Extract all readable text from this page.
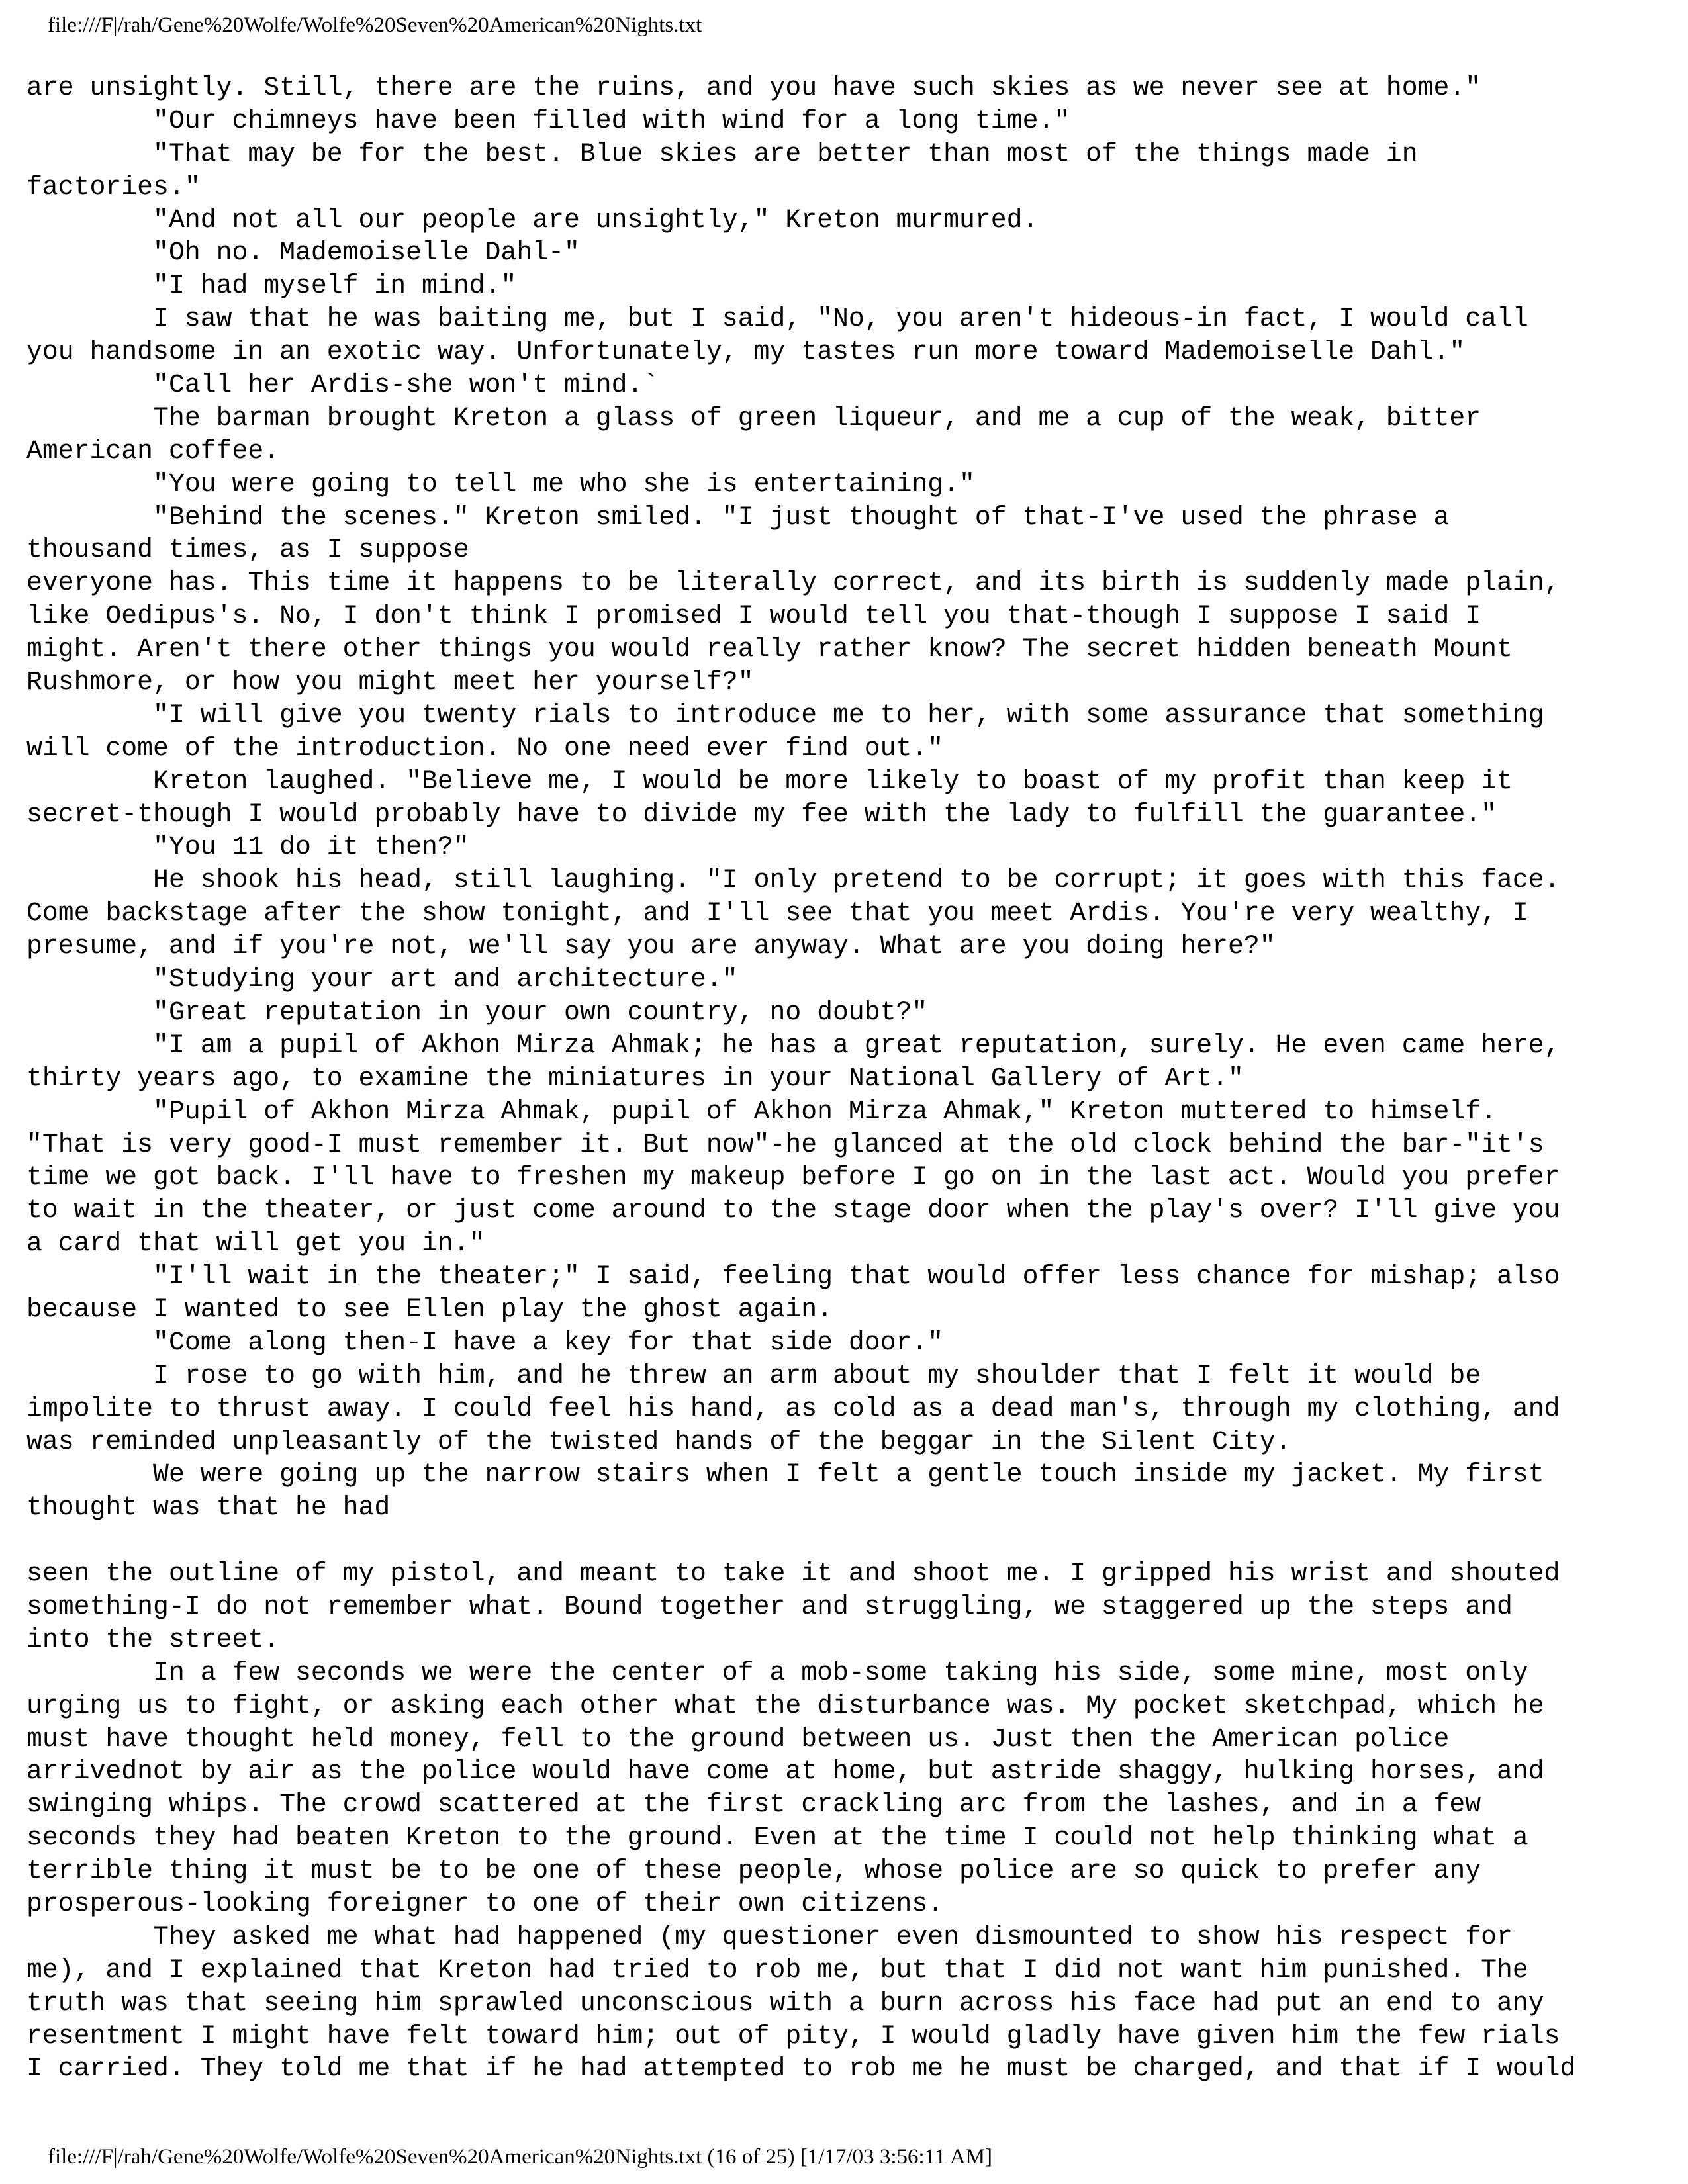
file:///F|/rah/Gene%20Wolfe/Wolfe%20Seven%20American%20Nights.txt
are unsightly. Still, there are the ruins, and you have such skies as we never see at home."
"Our chimneys have been filled with wind for a long time."
"That may be for the best. Blue skies are better than most of the things made in
factories."
"And not all our people are unsightly," Kreton murmured.
"Oh no. Mademoiselle Dahl-"
"I had myself in mind."
I saw that he was baiting me, but I said, "No, you aren't hideous-in fact, I would call
you handsome in an exotic way. Unfortunately, my tastes run more toward Mademoiselle Dahl."
"Call her Ardis-she won't mind.`
The barman brought Kreton a glass of green liqueur, and me a cup of the weak, bitter
American coffee.
"You were going to tell me who she is entertaining."
"Behind the scenes." Kreton smiled. "I just thought of that-I've used the phrase a
thousand times, as I suppose
everyone has. This time it happens to be literally correct, and its birth is suddenly made plain,
like Oedipus's. No, I don't think I promised I would tell you that-though I suppose I said I
might. Aren't there other things you would really rather know? The secret hidden beneath Mount
Rushmore, or how you might meet her yourself?"
"I will give you twenty rials to introduce me to her, with some assurance that something
will come of the introduction. No one need ever find out."
Kreton laughed. "Believe me, I would be more likely to boast of my profit than keep it
secret-though I would probably have to divide my fee with the lady to fulfill the guarantee."
"You 11 do it then?"
He shook his head, still laughing. "I only pretend to be corrupt; it goes with this face.
Come backstage after the show tonight, and I'll see that you meet Ardis. You're very wealthy, I
presume, and if you're not, we'll say you are anyway. What are you doing here?"
"Studying your art and architecture."
"Great reputation in your own country, no doubt?"
"I am a pupil of Akhon Mirza Ahmak; he has a great reputation, surely. He even came here,
thirty years ago, to examine the miniatures in your National Gallery of Art."
"Pupil of Akhon Mirza Ahmak, pupil of Akhon Mirza Ahmak," Kreton muttered to himself.
"That is very good-I must remember it. But now"-he glanced at the old clock behind the bar-"it's
time we got back. I'll have to freshen my makeup before I go on in the last act. Would you prefer
to wait in the theater, or just come around to the stage door when the play's over? I'll give you
a card that will get you in."
"I'll wait in the theater;" I said, feeling that would offer less chance for mishap; also
because I wanted to see Ellen play the ghost again.
"Come along then-I have a key for that side door."
I rose to go with him, and he threw an arm about my shoulder that I felt it would be
impolite to thrust away. I could feel his hand, as cold as a dead man's, through my clothing, and
was reminded unpleasantly of the twisted hands of the beggar in the Silent City.
We were going up the narrow stairs when I felt a gentle touch inside my jacket. My first
thought was that he had
seen the outline of my pistol, and meant to take it and shoot me. I gripped his wrist and shouted
something-I do not remember what. Bound together and struggling, we staggered up the steps and
into the street.
In a few seconds we were the center of a mob-some taking his side, some mine, most only
urging us to fight, or asking each other what the disturbance was. My pocket sketchpad, which he
must have thought held money, fell to the ground between us. Just then the American police
arrivednot by air as the police would have come at home, but astride shaggy, hulking horses, and
swinging whips. The crowd scattered at the first crackling arc from the lashes, and in a few
seconds they had beaten Kreton to the ground. Even at the time I could not help thinking what a
terrible thing it must be to be one of these people, whose police are so quick to prefer any
prosperous-looking foreigner to one of their own citizens.
They asked me what had happened (my questioner even dismounted to show his respect for
me), and I explained that Kreton had tried to rob me, but that I did not want him punished. The
truth was that seeing him sprawled unconscious with a burn across his face had put an end to any
resentment I might have felt toward him; out of pity, I would gladly have given him the few rials
I carried. They told me that if he had attempted to rob me he must be charged, and that if I would
file:///F|/rah/Gene%20Wolfe/Wolfe%20Seven%20American%20Nights.txt (16 of 25) [1/17/03 3:56:11 AM]
